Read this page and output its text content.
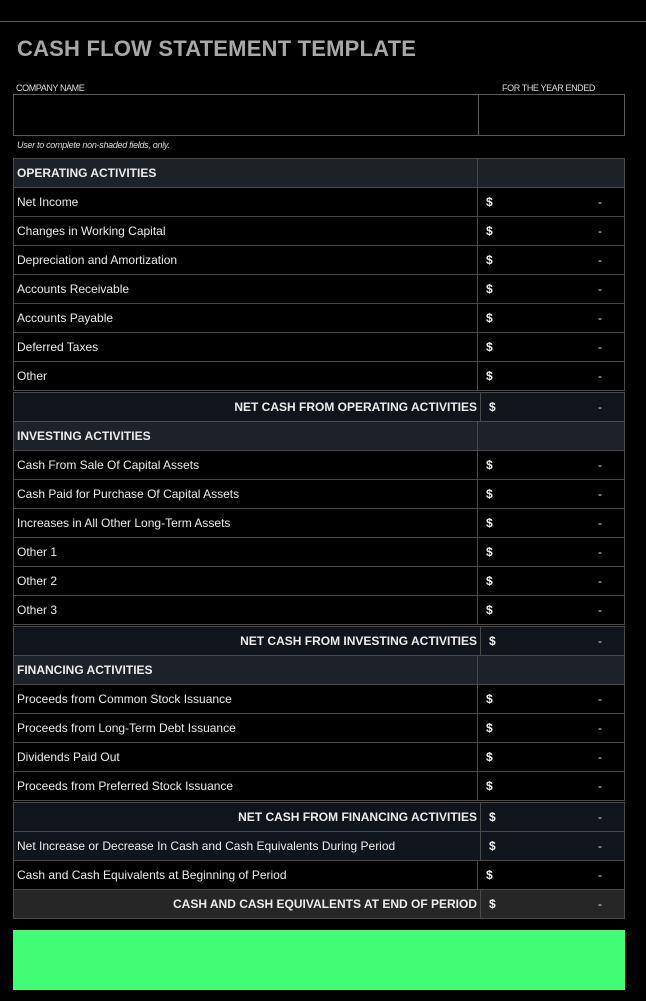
CASH FLOW STATEMENT TEMPLATE
COMPANY NAME	FOR THE YEAR ENDED
User to complete non-shaded fields, only.
OPERATING ACTIVITIES
Net Income	$	-
Changes in Working Capital	$	-
Depreciation and Amortization	$	-
Accounts Receivable	$	-
Accounts Payable	$	-
Deferred Taxes	$	-
Other	$	-
NET CASH FROM OPERATING ACTIVITIES	$	-
INVESTING ACTIVITIES
Cash From Sale Of Capital Assets	$	-
Cash Paid for Purchase Of Capital Assets	$	-
Increases in All Other Long-Term Assets	$	-
Other 1	$	-
Other 2	$	-
Other 3	$	-
NET CASH FROM INVESTING ACTIVITIES	$	-
FINANCING ACTIVITIES
Proceeds from Common Stock Issuance	$	-
Proceeds from Long-Term Debt Issuance	$	-
Dividends Paid Out	$	-
Proceeds from Preferred Stock Issuance	$	-
NET CASH FROM FINANCING ACTIVITIES	$	-
Net Increase or Decrease In Cash and Cash Equivalents During Period	$	-
Cash and Cash Equivalents at Beginning of Period	$	-
CASH AND CASH EQUIVALENTS AT END OF PERIOD	$	-
